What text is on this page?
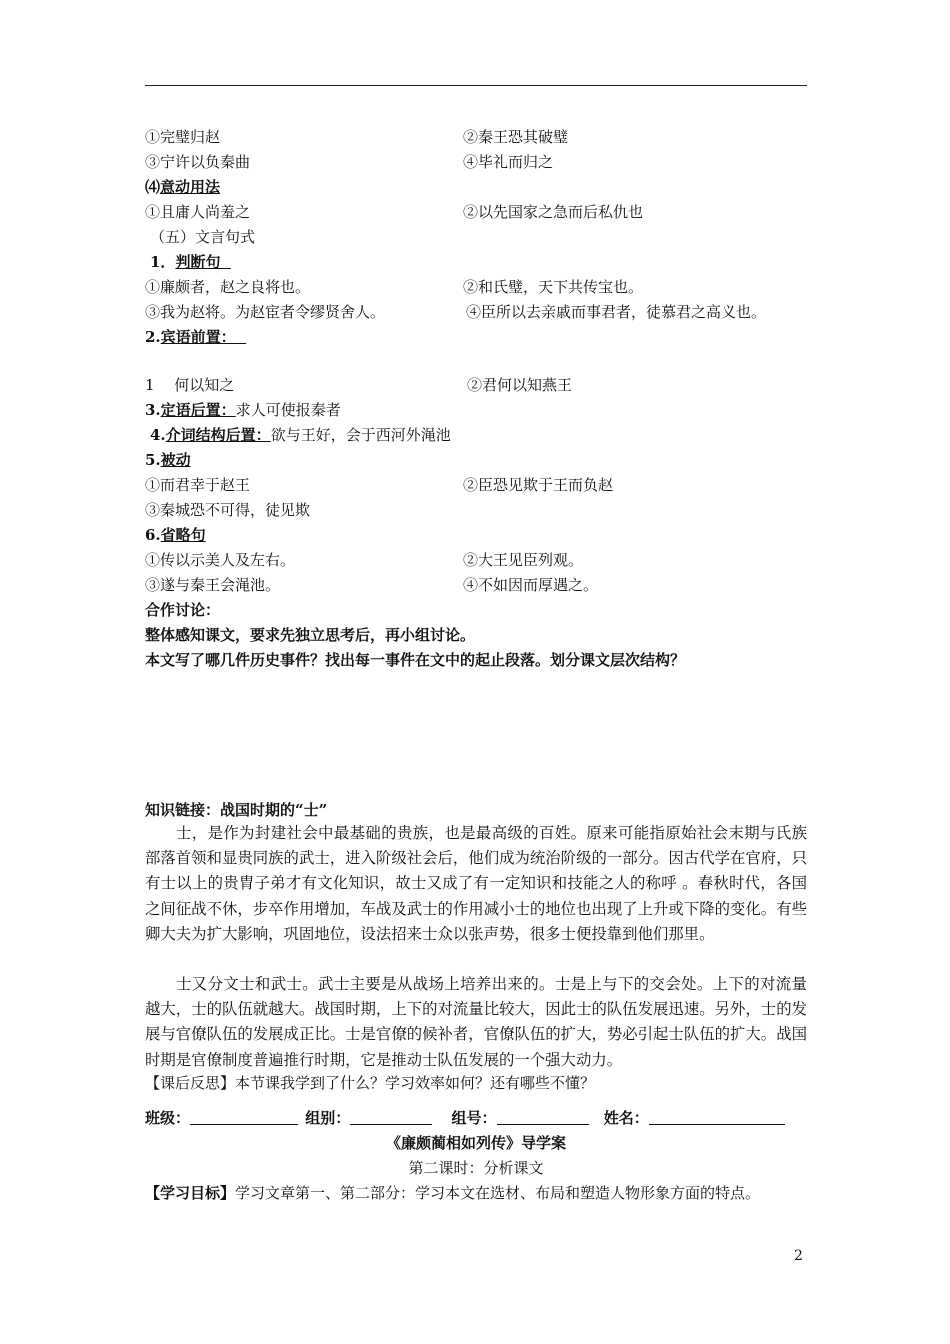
①完璧归赵	②秦王恐其破璧
③宁许以负秦曲	④毕礼而归之
⑷意动用法
①且庸人尚羞之	②以先国家之急而后私仇也
（五）文言句式
1．判断句
①廉颇者，赵之良将也。	②和氏璧，天下共传宝也。
③我为赵将。为赵宦者令缪贤舍人。	④臣所以去亲戚而事君者，徒慕君之高义也。
2.宾语前置：
1　 何以知之	②君何以知燕王
3.定语后置：求人可使报秦者
4.介词结构后置：欲与王好，会于西河外渑池
5.被动
①而君幸于赵王	②臣恐见欺于王而负赵
③秦城恐不可得，徒见欺
6.省略句
①传以示美人及左右。	②大王见臣列观。
③遂与秦王会渑池。	④不如因而厚遇之。
合作讨论：
整体感知课文，要求先独立思考后，再小组讨论。
本文写了哪几件历史事件？找出每一事件在文中的起止段落。划分课文层次结构？
知识链接：战国时期的“士”

士，是作为封建社会中最基础的贵族，也是最高级的百姓。原来可能指原始社会末期与氏族部落首领和显贵同族的武士，进入阶级社会后，他们成为统治阶级的一部分。因古代学在官府，只有士以上的贵胄子弟才有文化知识，故士又成了有一定知识和技能之人的称呼 。春秋时代，各国之间征战不休，步卒作用增加，车战及武士的作用减小士的地位也出现了上升或下降的变化。有些卿大夫为扩大影响，巩固地位，设法招来士众以张声势，很多士便投靠到他们那里。

士又分文士和武士。武士主要是从战场上培养出来的。士是上与下的交会处。上下的对流量越大，士的队伍就越大。战国时期，上下的对流量比较大，因此士的队伍发展迅速。另外，士的发展与官僚队伍的发展成正比。士是官僚的候补者，官僚队伍的扩大，势必引起士队伍的扩大。战国时期是官僚制度普遍推行时期，它是推动士队伍发展的一个强大动力。

【课后反思】本节课我学到了什么？学习效率如何？还有哪些不懂？
班级：	组别：	组号：	姓名：
《廉颇蔺相如列传》导学案
第二课时：分析课文
【学习目标】学习文章第一、第二部分：学习本文在选材、布局和塑造人物形象方面的特点。
2
